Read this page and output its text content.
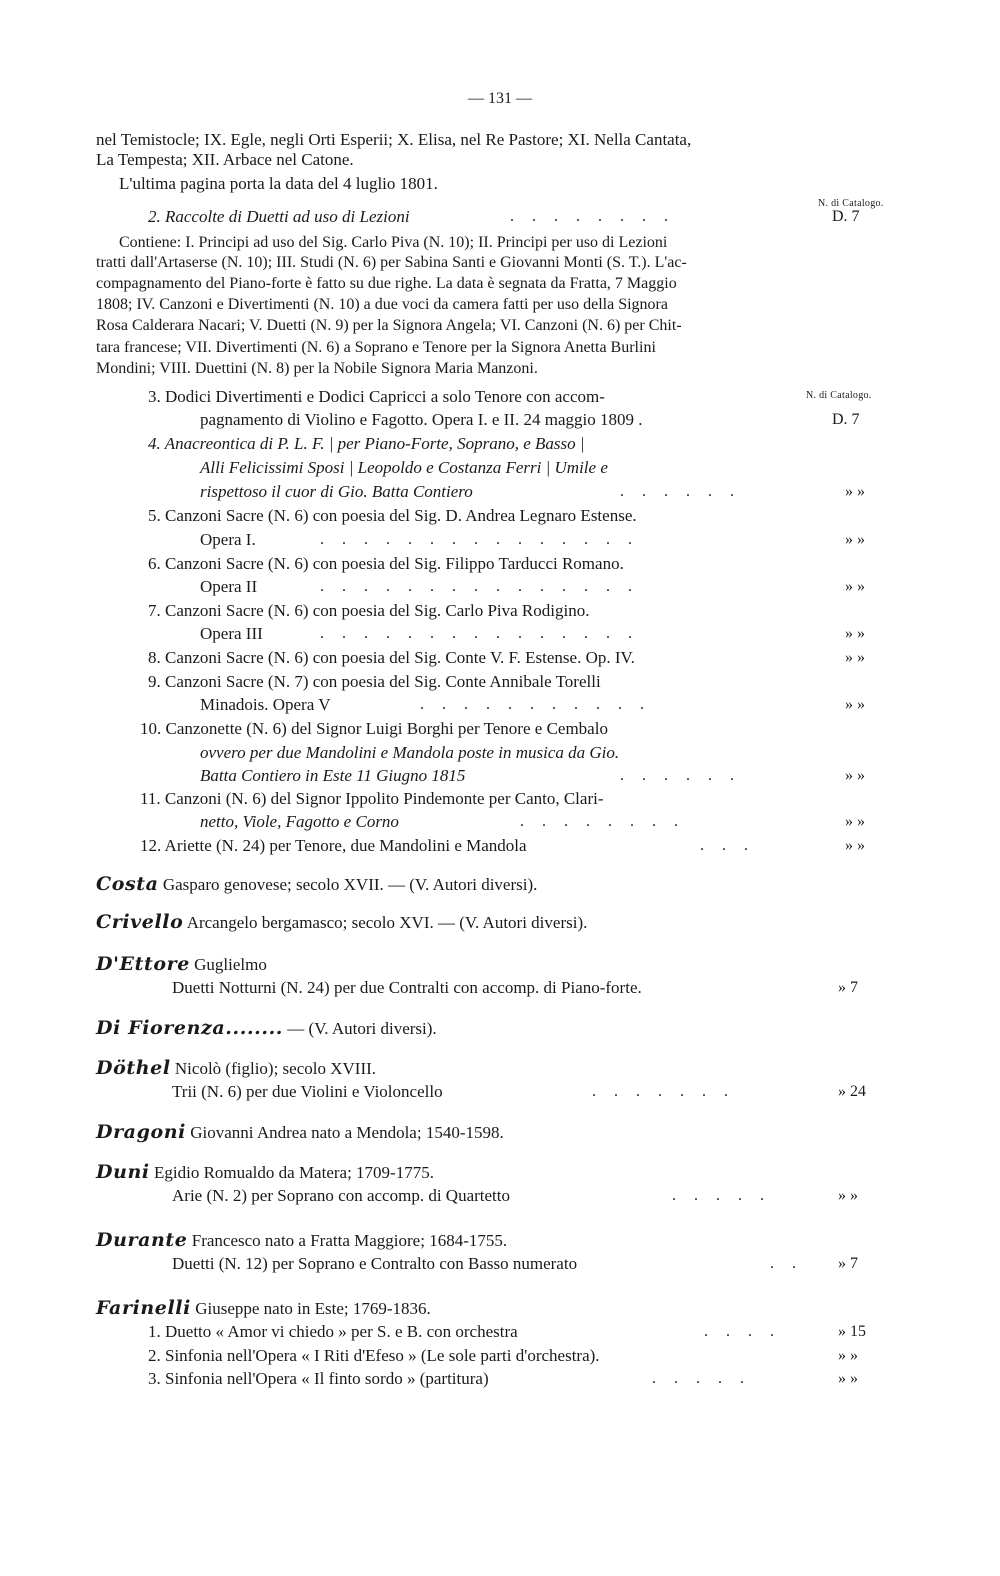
— 131 —
nel Temistocle; IX. Egle, negli Orti Esperii; X. Elisa, nel Re Pastore; XI. Nella Cantata,
La Tempesta; XII. Arbace nel Catone.
L'ultima pagina porta la data del 4 luglio 1801.
N. di Catalogo.
2. Raccolte di Duetti ad uso di Lezioni	. . . . . . . .	D. 7
Contiene: I. Principi ad uso del Sig. Carlo Piva (N. 10); II. Principi per uso di Lezioni
tratti dall'Artaserse (N. 10); III. Studi (N. 6) per Sabina Santi e Giovanni Monti (S. T.). L'ac-
compagnamento del Piano-forte è fatto su due righe. La data è segnata da Fratta, 7 Maggio
1808; IV. Canzoni e Divertimenti (N. 10) a due voci da camera fatti per uso della Signora
Rosa Calderara Nacari; V. Duetti (N. 9) per la Signora Angela; VI. Canzoni (N. 6) per Chit-
tara francese; VII. Divertimenti (N. 6) a Soprano e Tenore per la Signora Anetta Burlini
Mondini; VIII. Duettini (N. 8) per la Nobile Signora Maria Manzoni.
3. Dodici Divertimenti e Dodici Capricci a solo Tenore con accom-	N. di Catalogo.
pagnamento di Violino e Fagotto. Opera I. e II. 24 maggio 1809 .	D. 7
4. Anacreontica di P. L. F. | per Piano-Forte, Soprano, e Basso |
Alli Felicissimi Sposi | Leopoldo e Costanza Ferri | Umile e
rispettoso il cuor di Gio. Batta Contiero	. . . . . .	» »
5. Canzoni Sacre (N. 6) con poesia del Sig. D. Andrea Legnaro Estense.
Opera I.	. . . . . . . . . . . . . . .	» »
6. Canzoni Sacre (N. 6) con poesia del Sig. Filippo Tarducci Romano.
Opera II	. . . . . . . . . . . . . . .	» »
7. Canzoni Sacre (N. 6) con poesia del Sig. Carlo Piva Rodigino.
Opera III	. . . . . . . . . . . . . . .	» »
8. Canzoni Sacre (N. 6) con poesia del Sig. Conte V. F. Estense. Op. IV.	» »
9. Canzoni Sacre (N. 7) con poesia del Sig. Conte Annibale Torelli
Minadois. Opera V	. . . . . . . . . . .	» »
10. Canzonette (N. 6) del Signor Luigi Borghi per Tenore e Cembalo
ovvero per due Mandolini e Mandola poste in musica da Gio.
Batta Contiero in Este 11 Giugno 1815	. . . . . .	» »
11. Canzoni (N. 6) del Signor Ippolito Pindemonte per Canto, Clari-
netto, Viole, Fagotto e Corno	. . . . . . . .	» »
12. Ariette (N. 24) per Tenore, due Mandolini e Mandola	. . .	» »
Costa Gasparo genovese; secolo XVII. — (V. Autori diversi).
Crivello Arcangelo bergamasco; secolo XVI. — (V. Autori diversi).
D'Ettore Guglielmo
Duetti Notturni (N. 24) per due Contralti con accomp. di Piano-forte.	» 7
Di Fiorenza........ — (V. Autori diversi).
Döthel Nicolò (figlio); secolo XVIII.
Trii (N. 6) per due Violini e Violoncello	. . . . . . .	» 24
Dragoni Giovanni Andrea nato a Mendola; 1540-1598.
Duni Egidio Romualdo da Matera; 1709-1775.
Arie (N. 2) per Soprano con accomp. di Quartetto	. . . . .	» »
Durante Francesco nato a Fratta Maggiore; 1684-1755.
Duetti (N. 12) per Soprano e Contralto con Basso numerato	. . » 7
Farinelli Giuseppe nato in Este; 1769-1836.
1. Duetto « Amor vi chiedo » per S. e B. con orchestra	. . . .	» 15
2. Sinfonia nell'Opera « I Riti d'Efeso » (Le sole parti d'orchestra).	» »
3. Sinfonia nell'Opera « Il finto sordo » (partitura)	. . . . .	» »
